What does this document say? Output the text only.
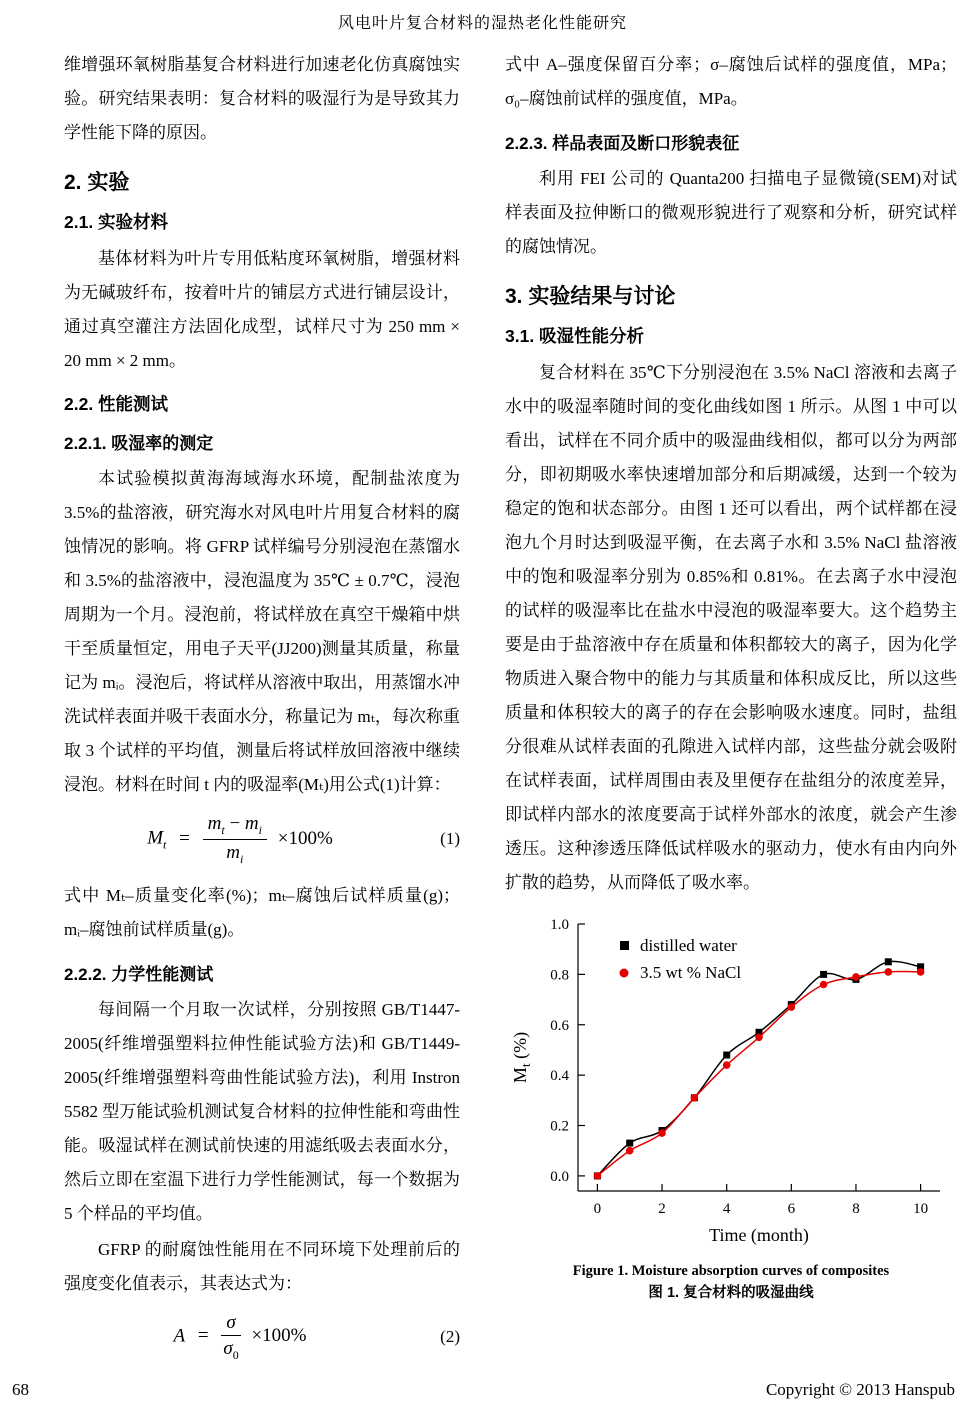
风电叶片复合材料的湿热老化性能研究

维增强环氧树脂基复合材料进行加速老化仿真腐蚀实验。研究结果表明：复合材料的吸湿行为是导致其力学性能下降的原因。

2. 实验
2.1. 实验材料

基体材料为叶片专用低粘度环氧树脂，增强材料为无碱玻纤布，按着叶片的铺层方式进行铺层设计，通过真空灌注方法固化成型，试样尺寸为 250 mm × 20 mm × 2 mm。

2.2. 性能测试
2.2.1. 吸湿率的测定

本试验模拟黄海海域海水环境，配制盐浓度为 3.5%的盐溶液，研究海水对风电叶片用复合材料的腐蚀情况的影响。将 GFRP 试样编号分别浸泡在蒸馏水和 3.5%的盐溶液中，浸泡温度为 35℃ ± 0.7℃，浸泡周期为一个月。浸泡前，将试样放在真空干燥箱中烘干至质量恒定，用电子天平(JJ200)测量其质量，称量记为 mᵢ。浸泡后，将试样从溶液中取出，用蒸馏水冲洗试样表面并吸干表面水分，称量记为 mₜ，每次称重取 3 个试样的平均值，测量后将试样放回溶液中继续浸泡。材料在时间 t 内的吸湿率(Mₜ)用公式(1)计算：

$M_t = \frac{m_t - m_i}{m_i} \times 100\%$	(1)

式中 Mₜ–质量变化率(%)；mₜ–腐蚀后试样质量(g)；mᵢ–腐蚀前试样质量(g)。

2.2.2. 力学性能测试

每间隔一个月取一次试样，分别按照 GB/T1447-2005(纤维增强塑料拉伸性能试验方法)和 GB/T1449-2005(纤维增强塑料弯曲性能试验方法)，利用 Instron 5582 型万能试验机测试复合材料的拉伸性能和弯曲性能。吸湿试样在测试前快速的用滤纸吸去表面水分，然后立即在室温下进行力学性能测试，每一个数据为 5 个样品的平均值。

GFRP 的耐腐蚀性能用在不同环境下处理前后的强度变化值表示，其表达式为：

$A = \frac{\sigma}{\sigma_0} \times 100\%$	(2)

式中 A–强度保留百分率；σ–腐蚀后试样的强度值，MPa；σ₀–腐蚀前试样的强度值，MPa。

2.2.3. 样品表面及断口形貌表征

利用 FEI 公司的 Quanta200 扫描电子显微镜(SEM)对试样表面及拉伸断口的微观形貌进行了观察和分析，研究试样的腐蚀情况。

3. 实验结果与讨论
3.1. 吸湿性能分析

复合材料在 35℃下分别浸泡在 3.5% NaCl 溶液和去离子水中的吸湿率随时间的变化曲线如图 1 所示。从图 1 中可以看出，试样在不同介质中的吸湿曲线相似，都可以分为两部分，即初期吸水率快速增加部分和后期减缓，达到一个较为稳定的饱和状态部分。由图 1 还可以看出，两个试样都在浸泡九个月时达到吸湿平衡，在去离子水和 3.5% NaCl 盐溶液中的饱和吸湿率分别为 0.85%和 0.81%。在去离子水中浸泡的试样的吸湿率比在盐水中浸泡的吸湿率要大。这个趋势主要是由于盐溶液中存在质量和体积都较大的离子，因为化学物质进入聚合物中的能力与其质量和体积成反比，所以这些质量和体积较大的离子的存在会影响吸水速度。同时，盐组分很难从试样表面的孔隙进入试样内部，这些盐分就会吸附在试样表面，试样周围由表及里便存在盐组分的浓度差异，即试样内部水的浓度要高于试样外部水的浓度，就会产生渗透压。这种渗透压降低试样吸水的驱动力，使水有由内向外扩散的趋势，从而降低了吸水率。

0.0
0.2
0.4
0.6
0.8
1.0
0	2	4	6	8	10
Time (month)
$M_t$ (%)
distilled water
3.5 wt % NaCl
Figure 1. Moisture absorption curves of composites
图 1. 复合材料的吸湿曲线
68	Copyright © 2013 Hanspub
